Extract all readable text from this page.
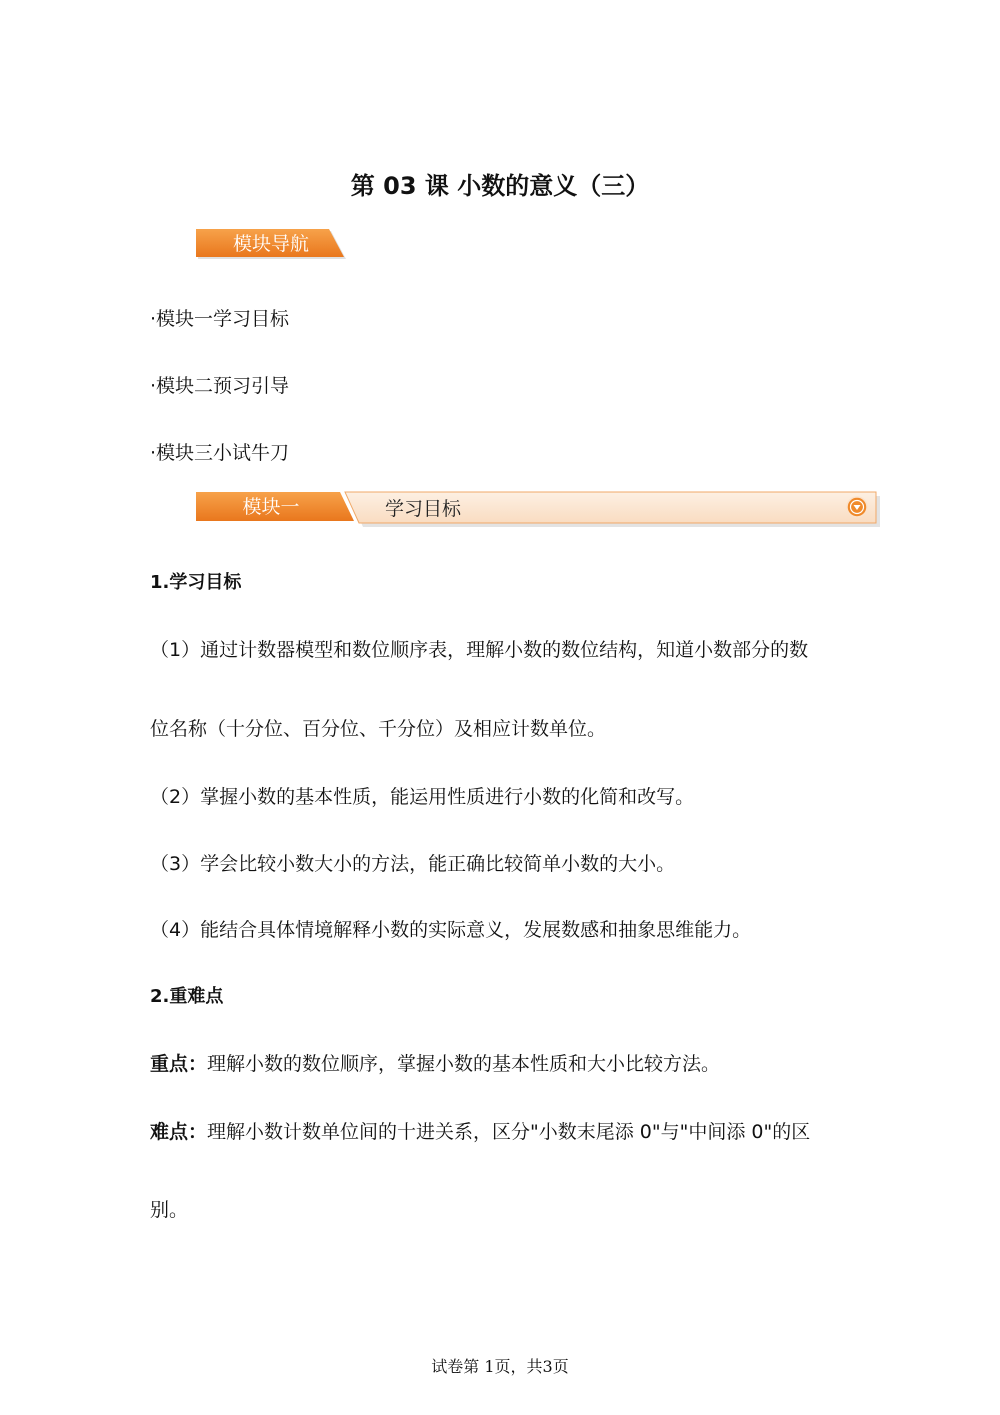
第 03 课 小数的意义（三）
模块导航
·模块一学习目标
·模块二预习引导
·模块三小试牛刀
模块一	学习目标
1.学习目标
（1）通过计数器模型和数位顺序表，理解小数的数位结构，知道小数部分的数
位名称（十分位、百分位、千分位）及相应计数单位。
（2）掌握小数的基本性质，能运用性质进行小数的化简和改写。
（3）学会比较小数大小的方法，能正确比较简单小数的大小。
（4）能结合具体情境解释小数的实际意义，发展数感和抽象思维能力。
2.重难点
重点：理解小数的数位顺序，掌握小数的基本性质和大小比较方法。
难点：理解小数计数单位间的十进关系，区分"小数末尾添 0"与"中间添 0"的区
别。
试卷第 1页，共3页
